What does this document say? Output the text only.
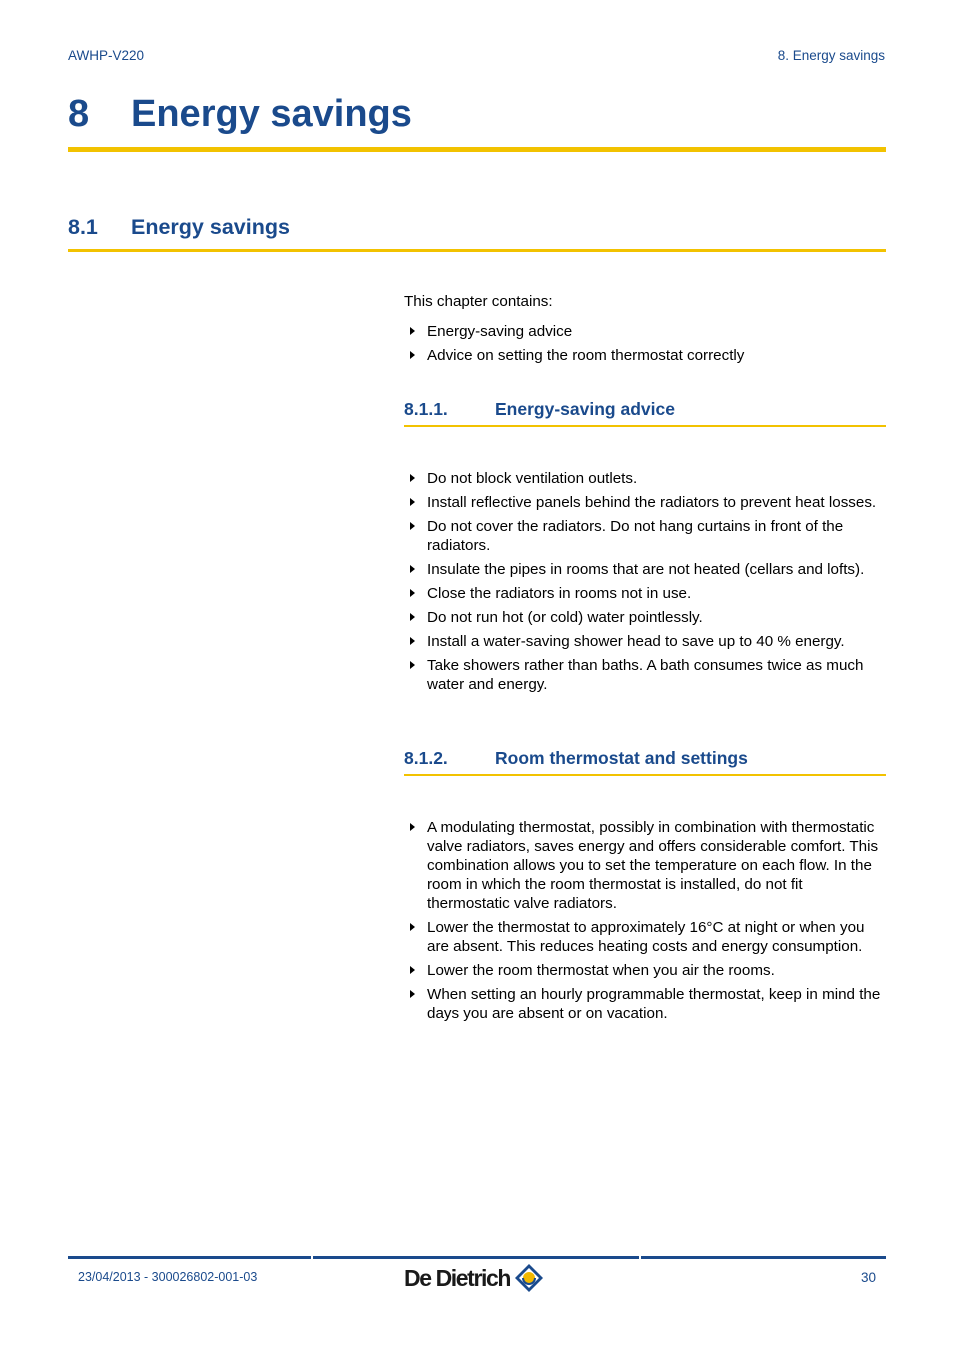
AWHP-V220	8. Energy savings
8 Energy savings
8.1 Energy savings

This chapter contains:

Energy-saving advice
Advice on setting the room thermostat correctly
8.1.1.	Energy-saving advice
Do not block ventilation outlets.
Install reflective panels behind the radiators to prevent heat losses.
Do not cover the radiators. Do not hang curtains in front of the radiators.
Insulate the pipes in rooms that are not heated (cellars and lofts).
Close the radiators in rooms not in use.
Do not run hot (or cold) water pointlessly.
Install a water-saving shower head to save up to 40 % energy.
Take showers rather than baths. A bath consumes twice as much water and energy.
8.1.2.	Room thermostat and settings
A modulating thermostat, possibly in combination with thermostatic valve radiators, saves energy and offers considerable comfort. This combination allows you to set the temperature on each flow. In the room in which the room thermostat is installed, do not fit thermostatic valve radiators.
Lower the thermostat to approximately 16°C at night or when you are absent. This reduces heating costs and energy consumption.
Lower the room thermostat when you air the rooms.
When setting an hourly programmable thermostat, keep in mind the days you are absent or on vacation.
23/04/2013 - 300026802-001-03	De Dietrich	30
